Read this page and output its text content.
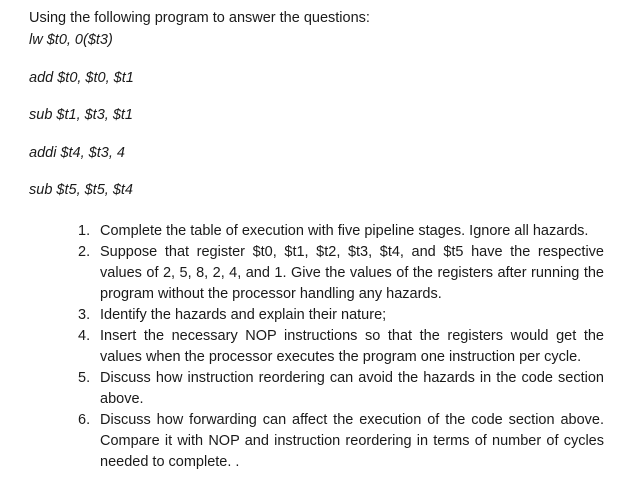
Using the following program to answer the questions:

lw $t0, 0($t3)

add $t0, $t0, $t1

sub $t1, $t3, $t1

addi $t4, $t3, 4

sub $t5, $t5, $t4

1. Complete the table of execution with five pipeline stages. Ignore all hazards.
2. Suppose that register $t0, $t1, $t2, $t3, $t4, and $t5 have the respective values of 2, 5, 8, 2, 4, and 1. Give the values of the registers after running the program without the processor handling any hazards.
3. Identify the hazards and explain their nature;
4. Insert the necessary NOP instructions so that the registers would get the values when the processor executes the program one instruction per cycle.
5. Discuss how instruction reordering can avoid the hazards in the code section above.
6. Discuss how forwarding can affect the execution of the code section above. Compare it with NOP and instruction reordering in terms of number of cycles needed to complete. .
